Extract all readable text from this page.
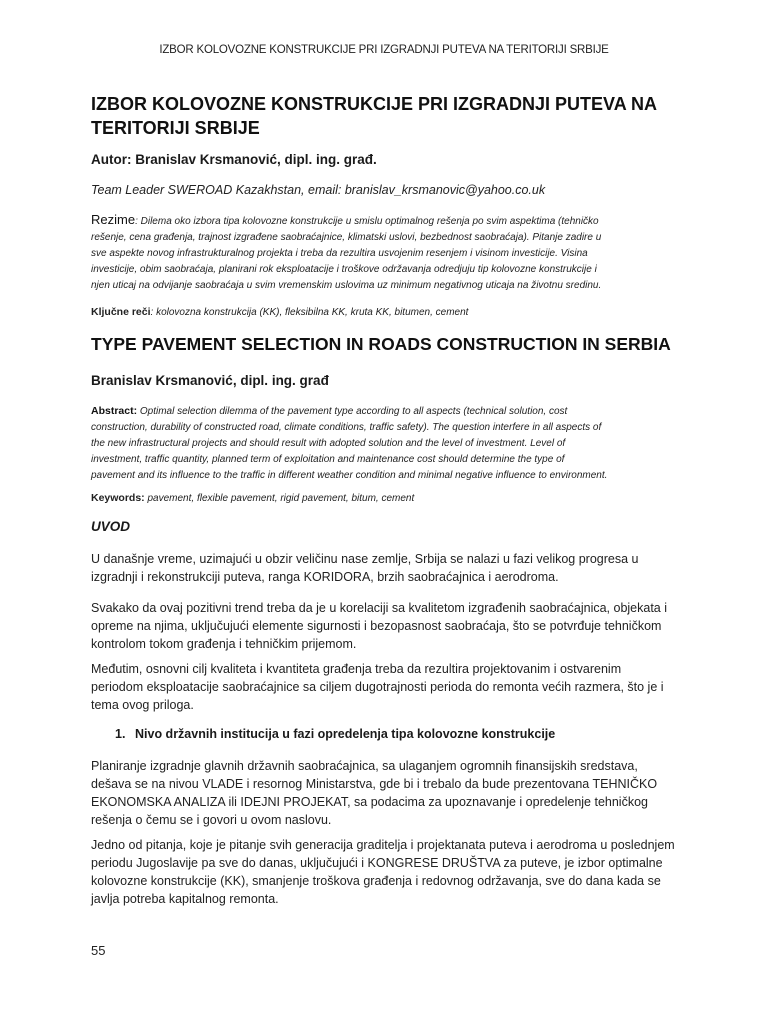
IZBOR KOLOVOZNE KONSTRUKCIJE PRI IZGRADNJI PUTEVA NA TERITORIJI SRBIJE
IZBOR KOLOVOZNE KONSTRUKCIJE PRI IZGRADNJI PUTEVA NA
TERITORIJI SRBIJE
Autor: Branislav Krsmanović, dipl. ing. građ.
Team Leader SWEROAD Kazakhstan, email: branislav_krsmanovic@yahoo.co.uk
Rezime: Dilema oko izbora tipa kolovozne konstrukcije u smislu optimalnog rešenja po svim aspektima (tehničko
rešenje, cena građenja, trajnost izgrađene saobraćajnice, klimatski uslovi, bezbednost saobraćaja). Pitanje zadire u
sve aspekte novog infrastrukturalnog projekta i treba da rezultira usvojenim resenjem i visinom investicije. Visina
investicije, obim saobraćaja, planirani rok eksploatacije i troškove održavanja odredjuju tip kolovozne konstrukcije i
njen uticaj na odvijanje saobraćaja u svim vremenskim uslovima uz minimum negativnog uticaja na životnu sredinu.
Ključne reči: kolovozna konstrukcija (KK), fleksibilna KK, kruta KK, bitumen, cement
TYPE PAVEMENT SELECTION IN ROADS CONSTRUCTION IN SERBIA
Branislav Krsmanović, dipl. ing. građ
Abstract: Optimal selection dilemma of the pavement type according to all aspects (technical solution, cost
construction, durability of constructed road, climate conditions, traffic safety). The question interfere in all aspects of
the new infrastructural projects and should result with adopted solution and the level of investment. Level of
investment, traffic quantity, planned term of exploitation and maintenance cost should determine the type of
pavement and its influence to the traffic in different weather condition and minimal negative influence to environment.
Keywords: pavement, flexible pavement, rigid pavement, bitum, cement
UVOD
U današnje vreme, uzimajući u obzir veličinu nase zemlje, Srbija se nalazi u fazi velikog progresa u
izgradnji i rekonstrukciji puteva, ranga KORIDORA, brzih saobraćajnica i aerodroma.
Svakako da ovaj pozitivni trend treba da je u korelaciji sa kvalitetom izgrađenih saobraćajnica, objekata i
opreme na njima, uključujući elemente sigurnosti i bezopasnost saobraćaja, što se potvrđuje tehničkom
kontrolom tokom građenja i tehničkim prijemom.
Međutim, osnovni cilj kvaliteta i kvantiteta građenja treba da rezultira projektovanim i ostvarenim
periodom eksploatacije saobraćajnice sa ciljem dugotrajnosti perioda do remonta većih razmera, što je i
tema ovog priloga.
1. Nivo državnih institucija u fazi opredelenja tipa kolovozne konstrukcije
Planiranje izgradnje glavnih državnih saobraćajnica, sa ulaganjem ogromnih finansijskih sredstava,
dešava se na nivou VLADE i resornog Ministarstva, gde bi i trebalo da bude prezentovana TEHNIČKO
EKONOMSKA ANALIZA ili IDEJNI PROJEKAT, sa podacima za upoznavanje i opredelenje tehničkog
rešenja o čemu se i govori u ovom naslovu.
Jedno od pitanja, koje je pitanje svih generacija graditelja i projektanata puteva i aerodroma u poslednjem
periodu Jugoslavije pa sve do danas, uključujući i KONGRESE DRUŠTVA za puteve, je izbor optimalne
kolovozne konstrukcije (KK), smanjenje troškova građenja i redovnog održavanja, sve do dana kada se
javlja potreba kapitalnog remonta.
55
